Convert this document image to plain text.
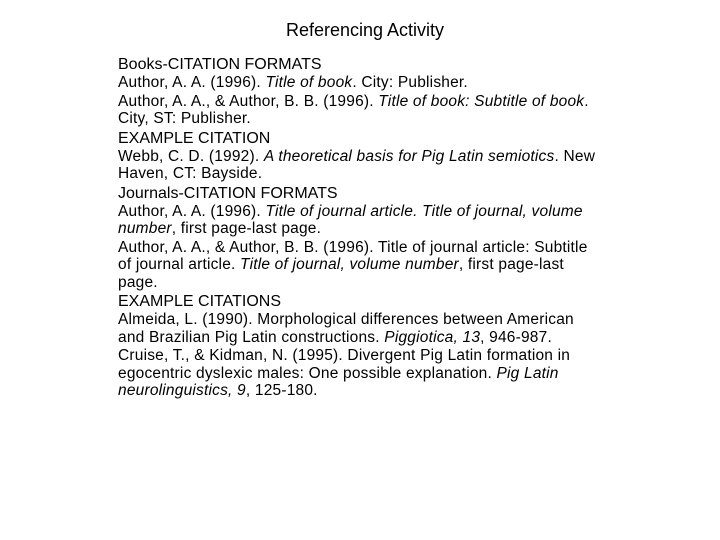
Referencing Activity
Books-CITATION FORMATS
Author, A. A. (1996). Title of book. City: Publisher.
Author, A. A., & Author, B. B. (1996). Title of book: Subtitle of book. City, ST: Publisher.
EXAMPLE CITATION
Webb, C. D. (1992). A theoretical basis for Pig Latin semiotics. New Haven, CT: Bayside.
Journals-CITATION FORMATS
Author, A. A. (1996). Title of journal article. Title of journal, volume number, first page-last page.
Author, A. A., & Author, B. B. (1996). Title of journal article: Subtitle of journal article. Title of journal, volume number, first page-last page.
EXAMPLE CITATIONS
Almeida, L. (1990). Morphological differences between American and Brazilian Pig Latin constructions. Piggiotica, 13, 946-987.
Cruise, T., & Kidman, N. (1995). Divergent Pig Latin formation in egocentric dyslexic males: One possible explanation. Pig Latin neurolinguistics, 9, 125-180.
